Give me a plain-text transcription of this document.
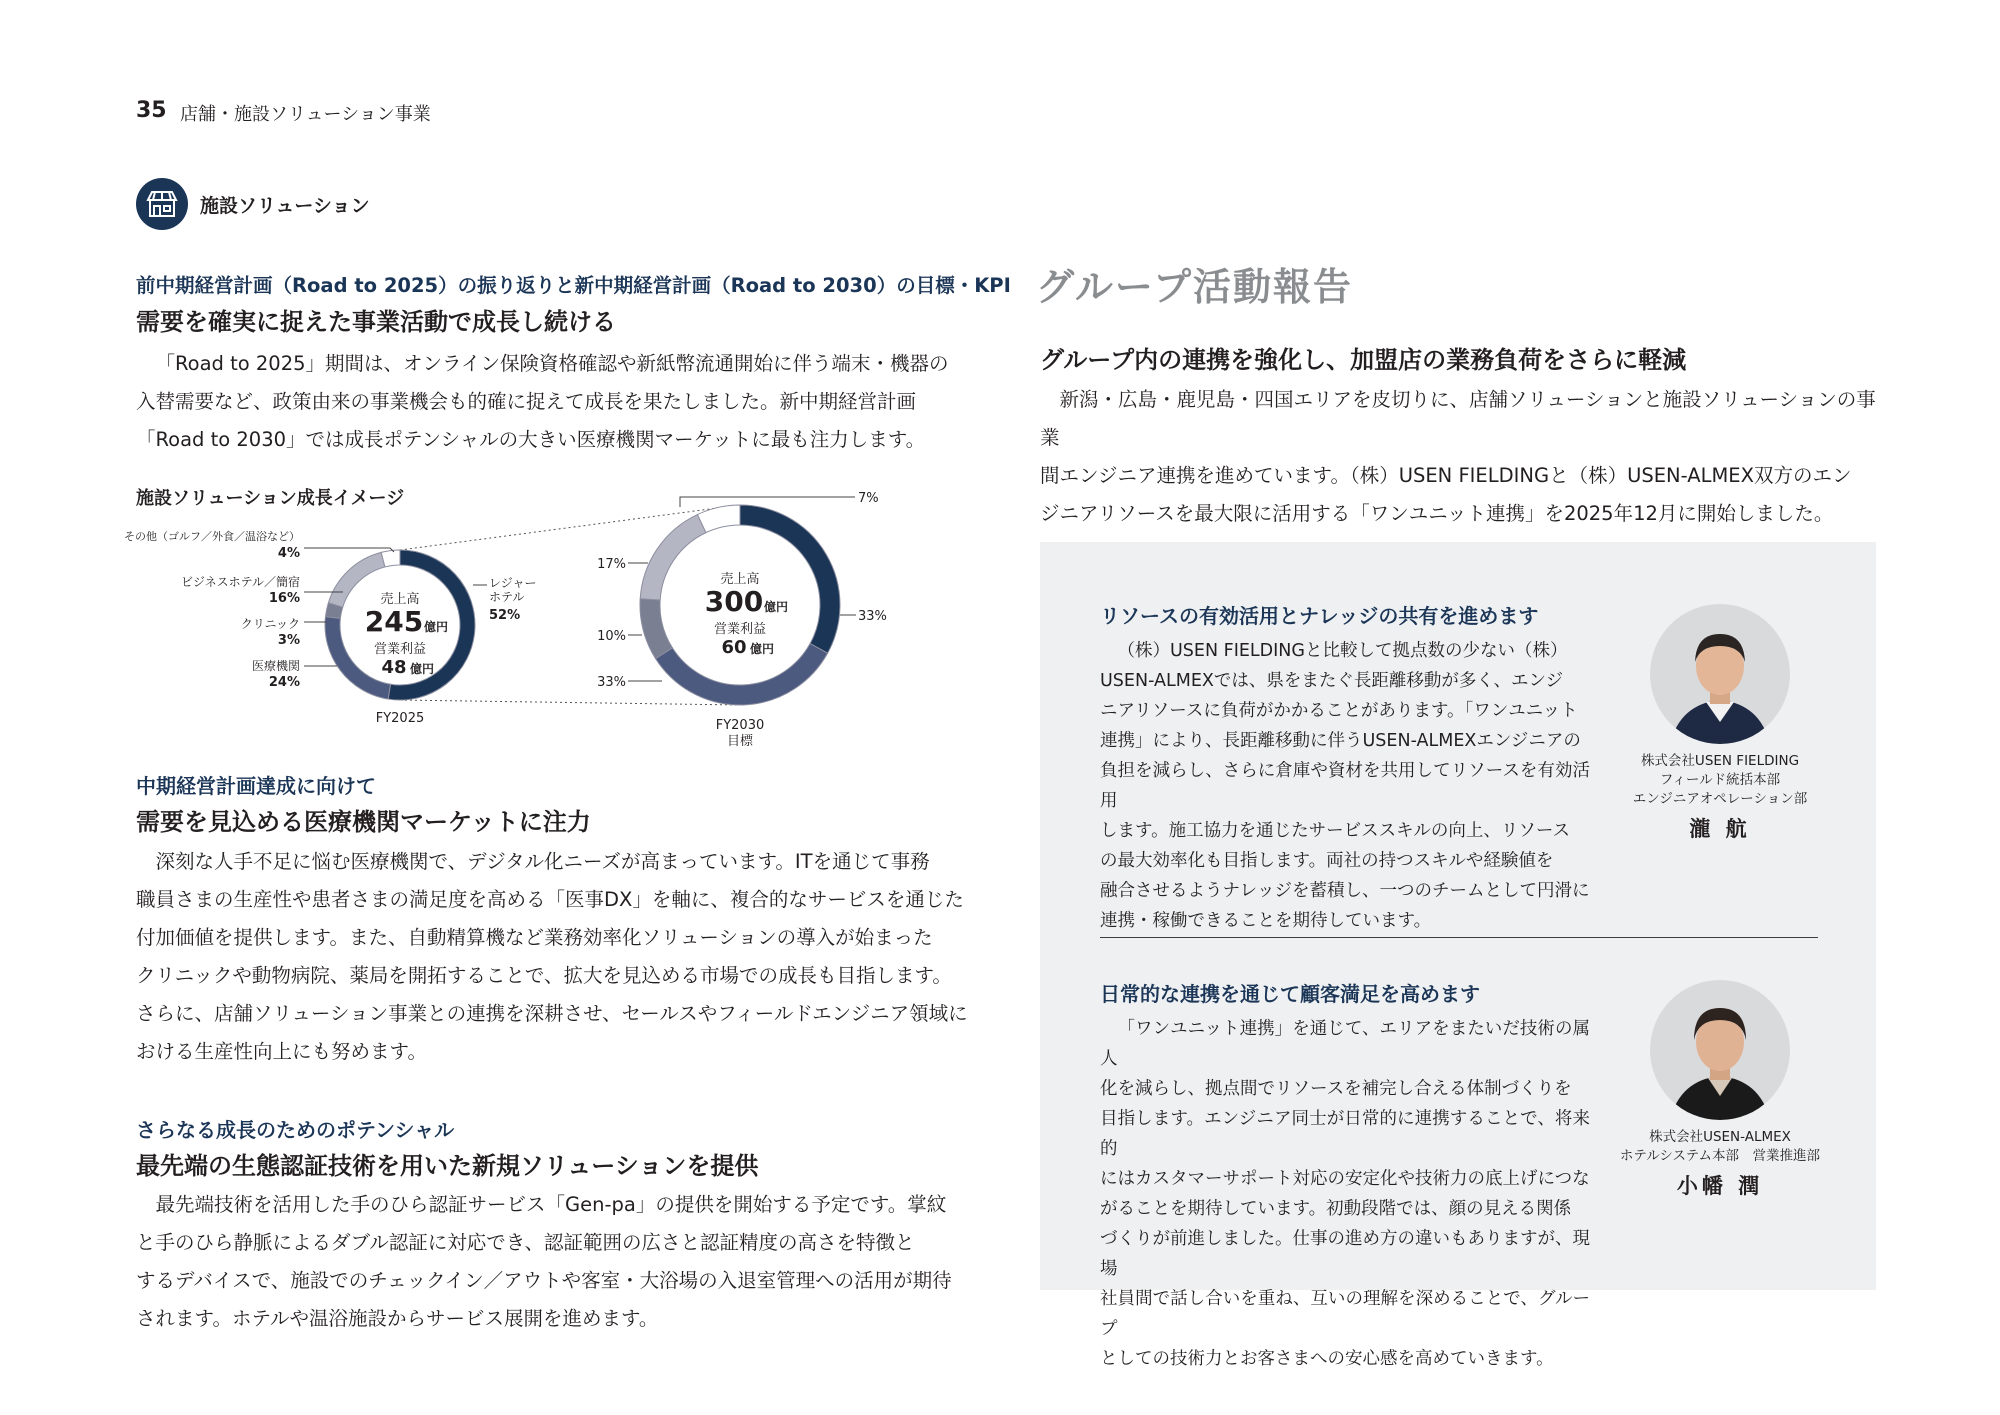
35 店舗・施設ソリューション事業
施設ソリューション
前中期経営計画（Road to 2025）の振り返りと新中期経営計画（Road to 2030）の目標・KPI
需要を確実に捉えた事業活動で成長し続ける
「Road to 2025」期間は、オンライン保険資格確認や新紙幣流通開始に伴う端末・機器の
入替需要など、政策由来の事業機会も的確に捉えて成長を果たしました。新中期経営計画
「Road to 2030」では成長ポテンシャルの大きい医療機関マーケットに最も注力します。
施設ソリューション成長イメージ
売上高
245 億円
営業利益
48 億円
レジャー
ホテル
52%
その他（ゴルフ／外食／温浴など）
4%
ビジネスホテル／簡宿
16%
クリニック
3%
医療機関
24%
FY2025
売上高
300 億円
営業利益
60 億円
7%
33%
17%
10%
33%
FY2030
目標
中期経営計画達成に向けて
需要を見込める医療機関マーケットに注力
深刻な人手不足に悩む医療機関で、デジタル化ニーズが高まっています。ITを通じて事務
職員さまの生産性や患者さまの満足度を高める「医事DX」を軸に、複合的なサービスを通じた
付加価値を提供します。また、自動精算機など業務効率化ソリューションの導入が始まった
クリニックや動物病院、薬局を開拓することで、拡大を見込める市場での成長も目指します。
さらに、店舗ソリューション事業との連携を深耕させ、セールスやフィールドエンジニア領域に
おける生産性向上にも努めます。
さらなる成長のためのポテンシャル
最先端の生態認証技術を用いた新規ソリューションを提供
最先端技術を活用した手のひら認証サービス「Gen-pa」の提供を開始する予定です。掌紋
と手のひら静脈によるダブル認証に対応でき、認証範囲の広さと認証精度の高さを特徴と
するデバイスで、施設でのチェックイン／アウトや客室・大浴場の入退室管理への活用が期待
されます。ホテルや温浴施設からサービス展開を進めます。
グループ活動報告
グループ内の連携を強化し、加盟店の業務負荷をさらに軽減
新潟・広島・鹿児島・四国エリアを皮切りに、店舗ソリューションと施設ソリューションの事業
間エンジニア連携を進めています。（株）USEN FIELDINGと（株）USEN-ALMEX双方のエン
ジニアリソースを最大限に活用する「ワンユニット連携」を2025年12月に開始しました。
リソースの有効活用とナレッジの共有を進めます
（株）USEN FIELDINGと比較して拠点数の少ない（株）
USEN-ALMEXでは、県をまたぐ長距離移動が多く、エンジ
ニアリソースに負荷がかかることがあります。「ワンユニット
連携」により、長距離移動に伴うUSEN-ALMEXエンジニアの
負担を減らし、さらに倉庫や資材を共用してリソースを有効活用
します。施工協力を通じたサービススキルの向上、リソース
の最大効率化も目指します。両社の持つスキルや経験値を
融合させるようナレッジを蓄積し、一つのチームとして円滑に
連携・稼働できることを期待しています。
株式会社USEN FIELDING
フィールド統括本部
エンジニアオペレーション部
瀧 航
日常的な連携を通じて顧客満足を高めます
「ワンユニット連携」を通じて、エリアをまたいだ技術の属人
化を減らし、拠点間でリソースを補完し合える体制づくりを
目指します。エンジニア同士が日常的に連携することで、将来的
にはカスタマーサポート対応の安定化や技術力の底上げにつな
がることを期待しています。初動段階では、顔の見える関係
づくりが前進しました。仕事の進め方の違いもありますが、現場
社員間で話し合いを重ね、互いの理解を深めることで、グループ
としての技術力とお客さまへの安心感を高めていきます。
株式会社USEN-ALMEX
ホテルシステム本部　営業推進部
小幡 潤
